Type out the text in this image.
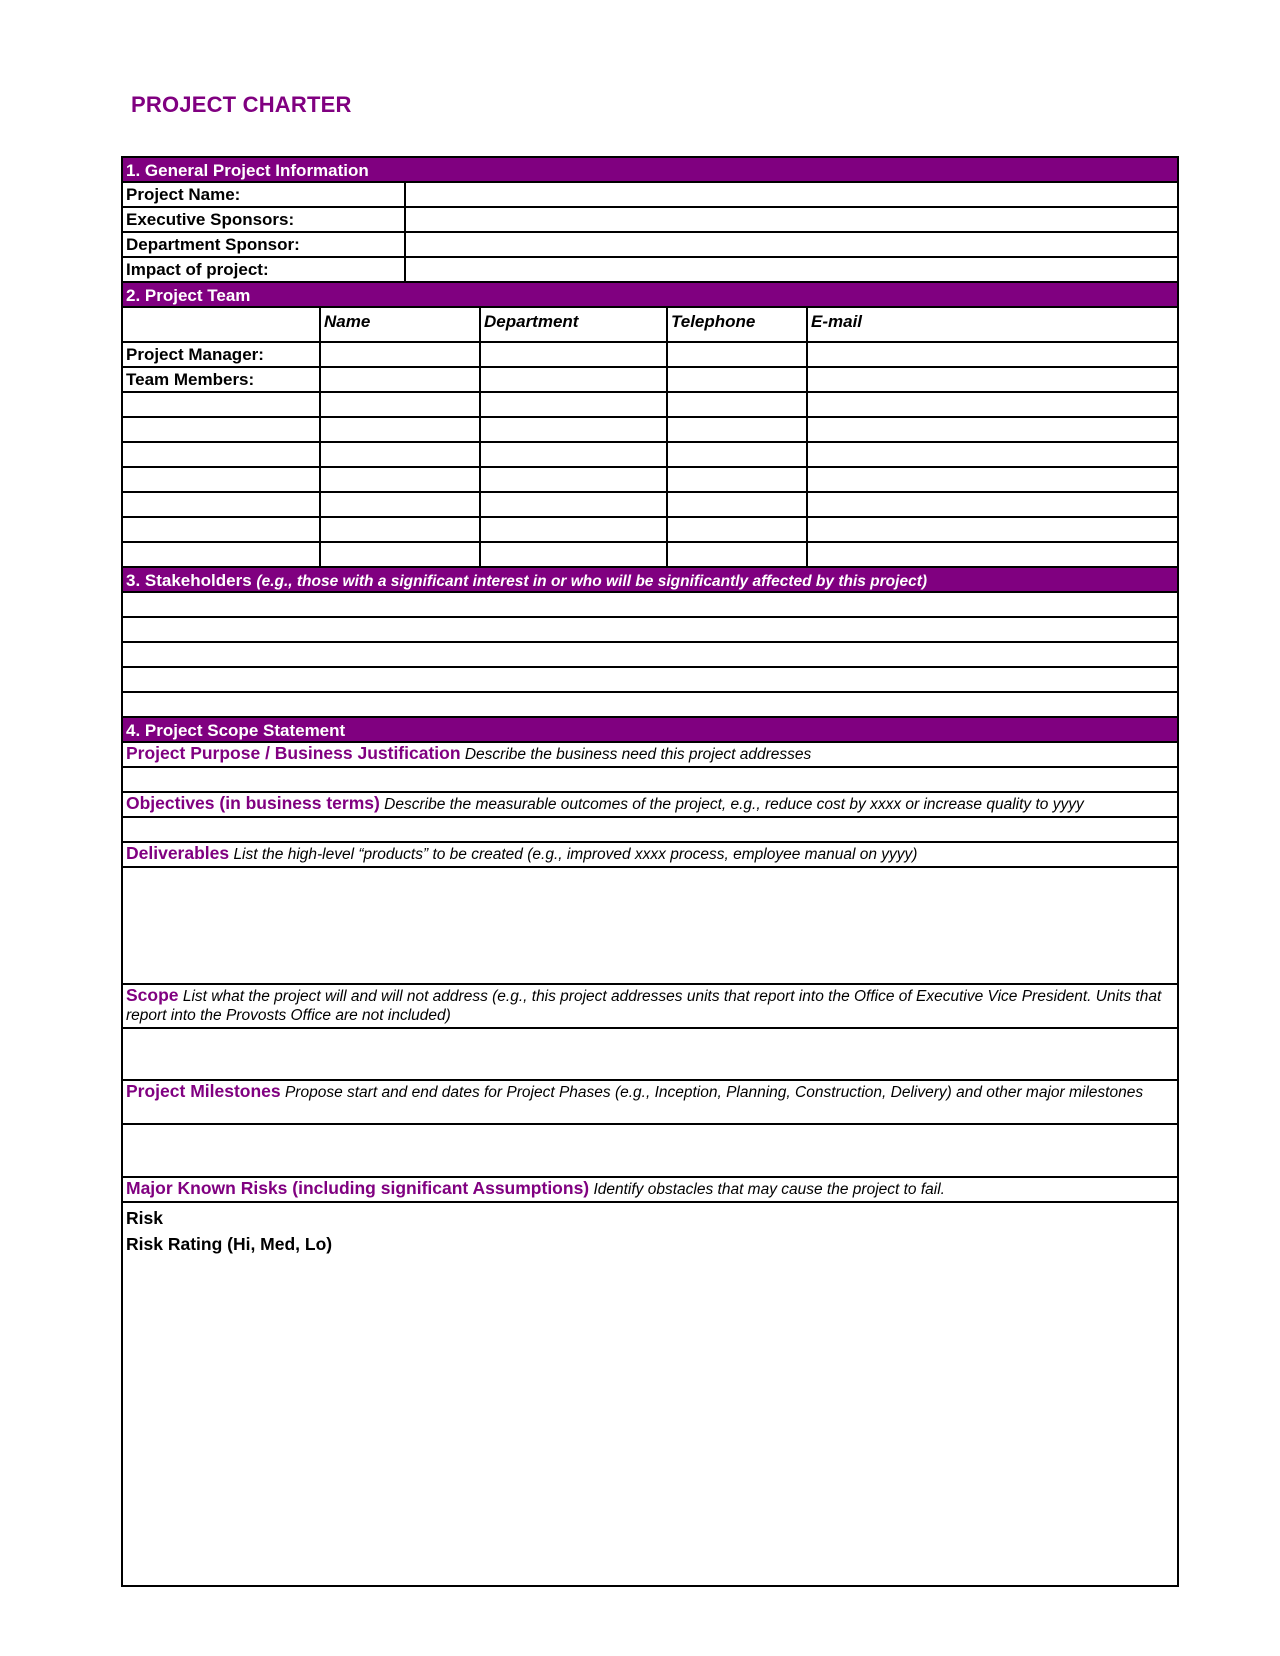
PROJECT CHARTER
1. General Project Information
Project Name:
Executive Sponsors:
Department Sponsor:
Impact of project:
2. Project Team
Name	Department	Telephone	E-mail
Project Manager:
Team Members:
3. Stakeholders (e.g., those with a significant interest in or who will be significantly affected by this project)
4. Project Scope Statement
Project Purpose / Business Justification Describe the business need this project addresses
Objectives (in business terms) Describe the measurable outcomes of the project, e.g., reduce cost by xxxx or increase quality to yyyy
Deliverables List the high-level “products” to be created (e.g., improved xxxx process, employee manual on yyyy)
Scope List what the project will and will not address (e.g., this project addresses units that report into the Office of Executive Vice President. Units that report into the Provosts Office are not included)
Project Milestones Propose start and end dates for Project Phases (e.g., Inception, Planning, Construction, Delivery) and other major milestones
Major Known Risks (including significant Assumptions) Identify obstacles that may cause the project to fail.
Risk
Risk Rating (Hi, Med, Lo)
